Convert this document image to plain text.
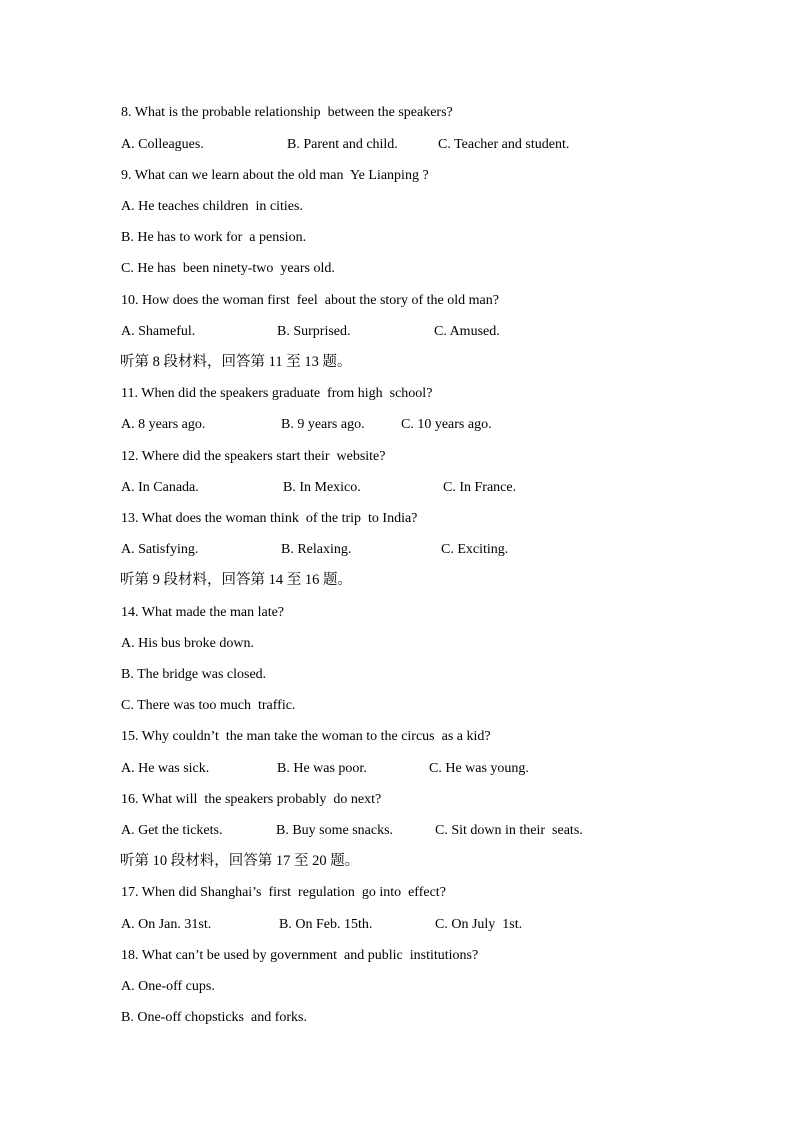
8. What is the probable relationship  between the speakers?
A. Colleagues.	B. Parent and child.	C. Teacher and student.
9. What can we learn about the old man  Ye Lianping ?
A. He teaches children  in cities.
B. He has to work for  a pension.
C. He has  been ninety-two  years old.
10. How does the woman first  feel  about the story of the old man?
A. Shameful.	B. Surprised.	C. Amused.
听第 8 段材料，回答第 11 至 13 题。
11. When did the speakers graduate  from high  school?
A. 8 years ago.	B. 9 years ago.	C. 10 years ago.
12. Where did the speakers start their  website?
A. In Canada.	B. In Mexico.	C. In France.
13. What does the woman think  of the trip  to India?
A. Satisfying.	B. Relaxing.	C. Exciting.
听第 9 段材料，回答第 14 至 16 题。
14. What made the man late?
A. His bus broke down.
B. The bridge was closed.
C. There was too much  traffic.
15. Why couldn’t  the man take the woman to the circus  as a kid?
A. He was sick.	B. He was poor.	C. He was young.
16. What will  the speakers probably  do next?
A. Get the tickets.	B. Buy some snacks.	C. Sit down in their  seats.
听第 10 段材料，回答第 17 至 20 题。
17. When did Shanghai’s  first  regulation  go into  effect?
A. On Jan. 31st.	B. On Feb. 15th.	C. On July  1st.
18. What can’t be used by government  and public  institutions?
A. One-off cups.
B. One-off chopsticks  and forks.
